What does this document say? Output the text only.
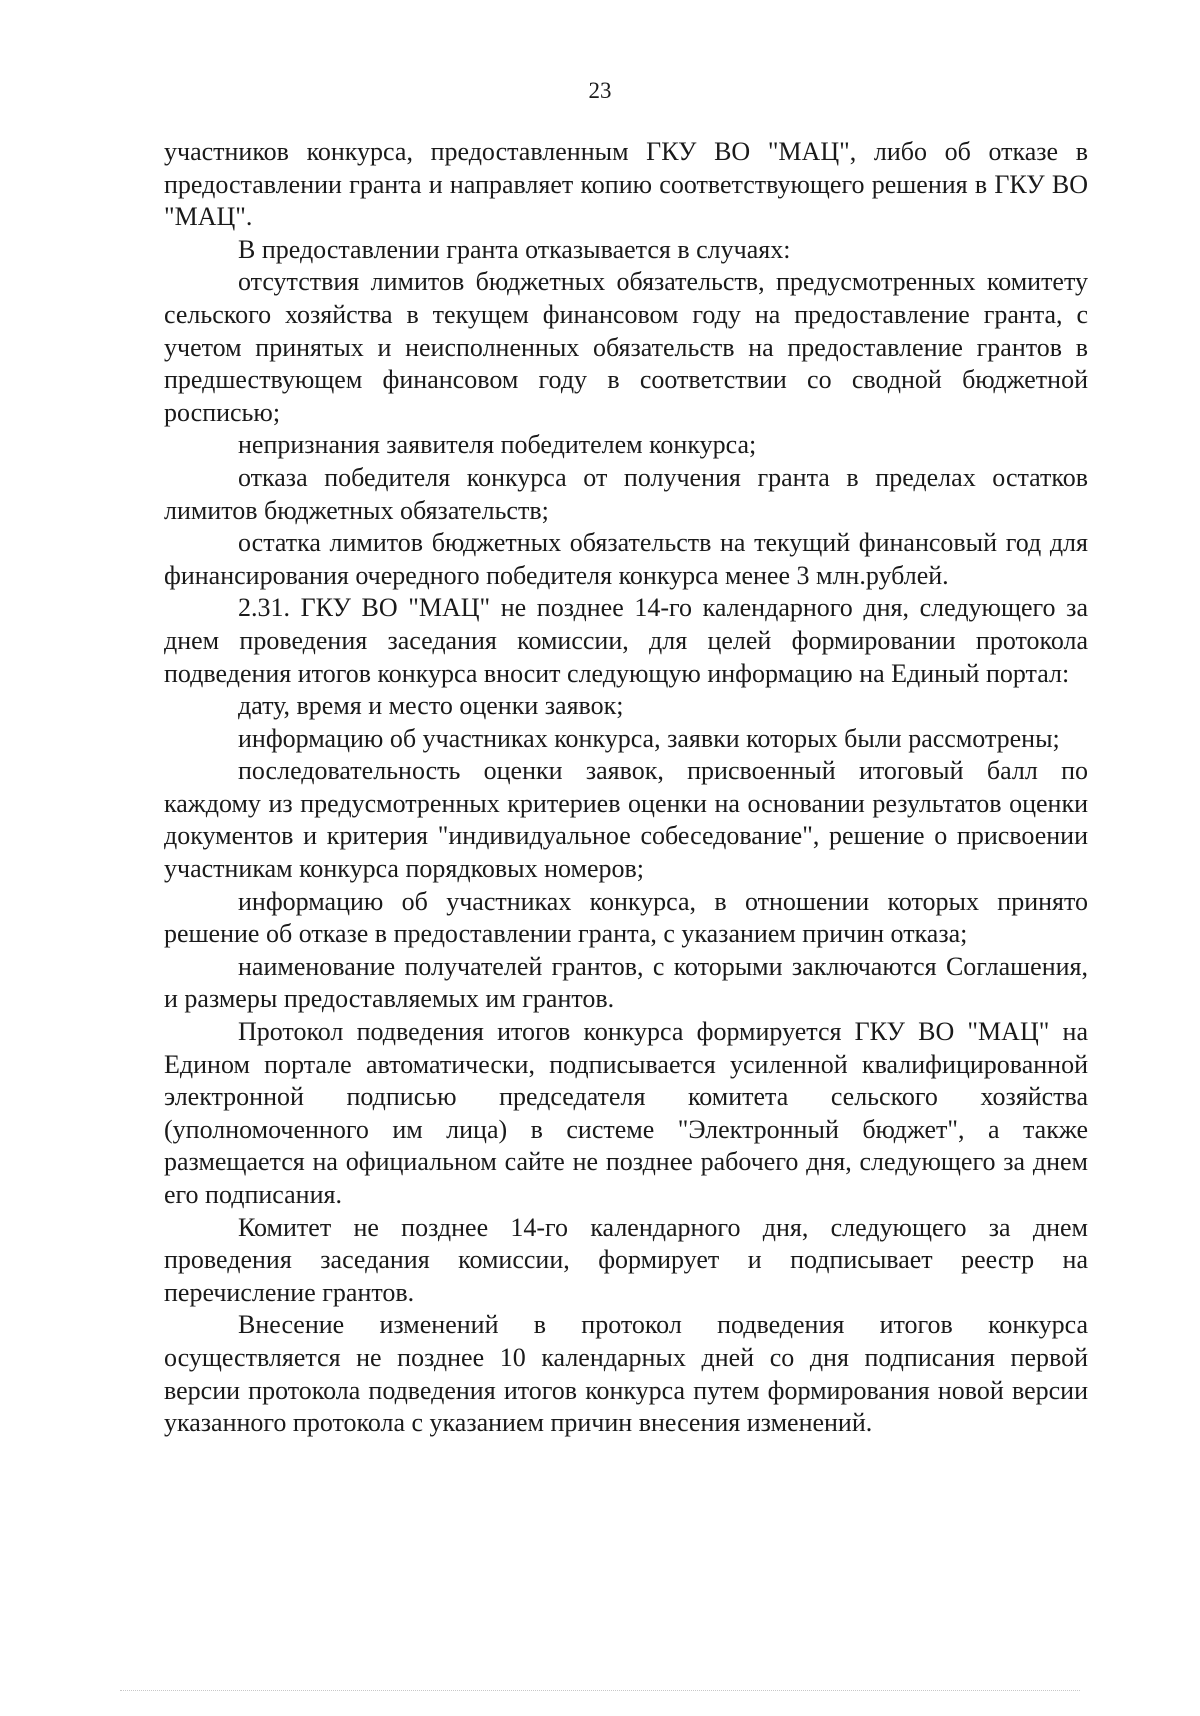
23

участников конкурса, предоставленным ГКУ ВО "МАЦ", либо об отказе в предоставлении гранта и направляет копию соответствующего решения в ГКУ ВО "МАЦ".

В предоставлении гранта отказывается в случаях:

отсутствия лимитов бюджетных обязательств, предусмотренных комитету сельского хозяйства в текущем финансовом году на предоставление гранта, с учетом принятых и неисполненных обязательств на предоставление грантов в предшествующем финансовом году в соответствии со сводной бюджетной росписью;

непризнания заявителя победителем конкурса;

отказа победителя конкурса от получения гранта в пределах остатков лимитов бюджетных обязательств;

остатка лимитов бюджетных обязательств на текущий финансовый год для финансирования очередного победителя конкурса менее 3 млн.рублей.

2.31. ГКУ ВО "МАЦ" не позднее 14-го календарного дня, следующего за днем проведения заседания комиссии, для целей формировании протокола подведения итогов конкурса вносит следующую информацию на Единый портал:

дату, время и место оценки заявок;

информацию об участниках конкурса, заявки которых были рассмотрены;

последовательность оценки заявок, присвоенный итоговый балл по каждому из предусмотренных критериев оценки на основании результатов оценки документов и критерия "индивидуальное собеседование", решение о присвоении участникам конкурса порядковых номеров;

информацию об участниках конкурса, в отношении которых принято решение об отказе в предоставлении гранта, с указанием причин отказа;

наименование получателей грантов, с которыми заключаются Соглашения, и размеры предоставляемых им грантов.

Протокол подведения итогов конкурса формируется ГКУ ВО "МАЦ" на Едином портале автоматически, подписывается усиленной квалифицированной электронной подписью председателя комитета сельского хозяйства (уполномоченного им лица) в системе "Электронный бюджет", а также размещается на официальном сайте не позднее рабочего дня, следующего за днем его подписания.

Комитет не позднее 14-го календарного дня, следующего за днем проведения заседания комиссии, формирует и подписывает реестр на перечисление грантов.

Внесение изменений в протокол подведения итогов конкурса осуществляется не позднее 10 календарных дней со дня подписания первой версии протокола подведения итогов конкурса путем формирования новой версии указанного протокола с указанием причин внесения изменений.
